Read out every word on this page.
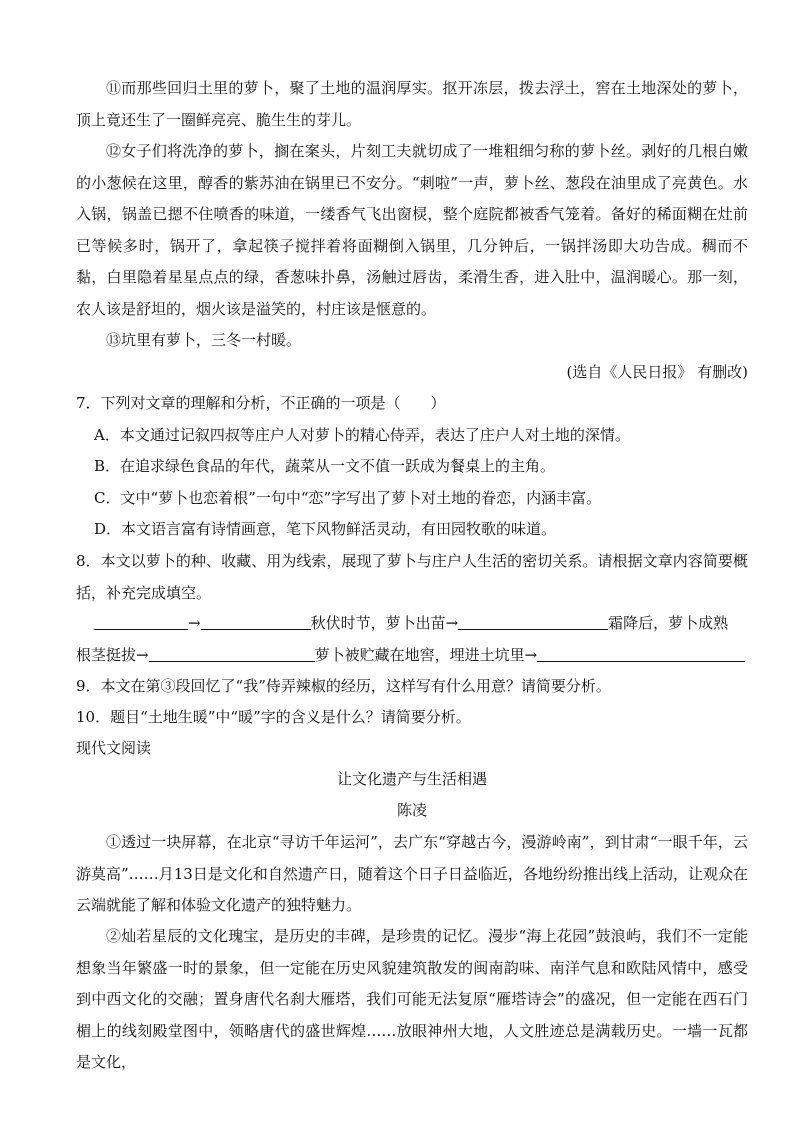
⑪而那些回归土里的萝卜，聚了土地的温润厚实。抠开冻层，拨去浮土，窖在土地深处的萝卜，顶上竟还生了一圈鲜亮亮、脆生生的芽儿。

⑫女子们将洗净的萝卜，搁在案头，片刻工夫就切成了一堆粗细匀称的萝卜丝。剥好的几根白嫩的小葱候在这里，醇香的紫苏油在锅里已不安分。“刺啦”一声，萝卜丝、葱段在油里成了亮黄色。水入锅，锅盖已摁不住喷香的味道，一缕香气飞出窗棂，整个庭院都被香气笼着。备好的稀面糊在灶前已等候多时，锅开了，拿起筷子搅拌着将面糊倒入锅里，几分钟后，一锅拌汤即大功告成。稠而不黏，白里隐着星星点点的绿，香葱味扑鼻，汤触过唇齿，柔滑生香，进入肚中，温润暖心。那一刻，农人该是舒坦的，烟火该是溢笑的，村庄该是惬意的。

⑬坑里有萝卜，三冬一村暖。

(选自《人民日报》 有删改)

7．下列对文章的理解和分析，不正确的一项是（　　）

A．本文通过记叙四叔等庄户人对萝卜的精心侍弄，表达了庄户人对土地的深情。

B．在追求绿色食品的年代，蔬菜从一文不值一跃成为餐桌上的主角。

C．文中“萝卜也恋着根”一句中“恋”字写出了萝卜对土地的眷恋，内涵丰富。

D．本文语言富有诗情画意，笔下风物鲜活灵动，有田园牧歌的味道。

8．本文以萝卜的种、收藏、用为线索，展现了萝卜与庄户人生活的密切关系。请根据文章内容简要概括，补充完成填空。

→	秋伏时节，萝卜出苗→	霜降后，萝卜成熟
根茎挺拔→	萝卜被贮藏在地窖，埋进土坑里→

9．本文在第③段回忆了“我”侍弄辣椒的经历，这样写有什么用意？请简要分析。

10．题目“土地生暖”中“暖”字的含义是什么？请简要分析。

现代文阅读

让文化遗产与生活相遇

陈凌

①透过一块屏幕，在北京“寻访千年运河”，去广东“穿越古今，漫游岭南”，到甘肃“一眼千年，云游莫高”……月13日是文化和自然遗产日，随着这个日子日益临近，各地纷纷推出线上活动，让观众在云端就能了解和体验文化遗产的独特魅力。

②灿若星辰的文化瑰宝，是历史的丰碑，是珍贵的记忆。漫步“海上花园”鼓浪屿，我们不一定能想象当年繁盛一时的景象，但一定能在历史风貌建筑散发的闽南韵味、南洋气息和欧陆风情中，感受到中西文化的交融；置身唐代名刹大雁塔，我们可能无法复原“雁塔诗会”的盛况，但一定能在西石门楣上的线刻殿堂图中，领略唐代的盛世辉煌……放眼神州大地，人文胜迹总是满载历史。一墙一瓦都是文化，
